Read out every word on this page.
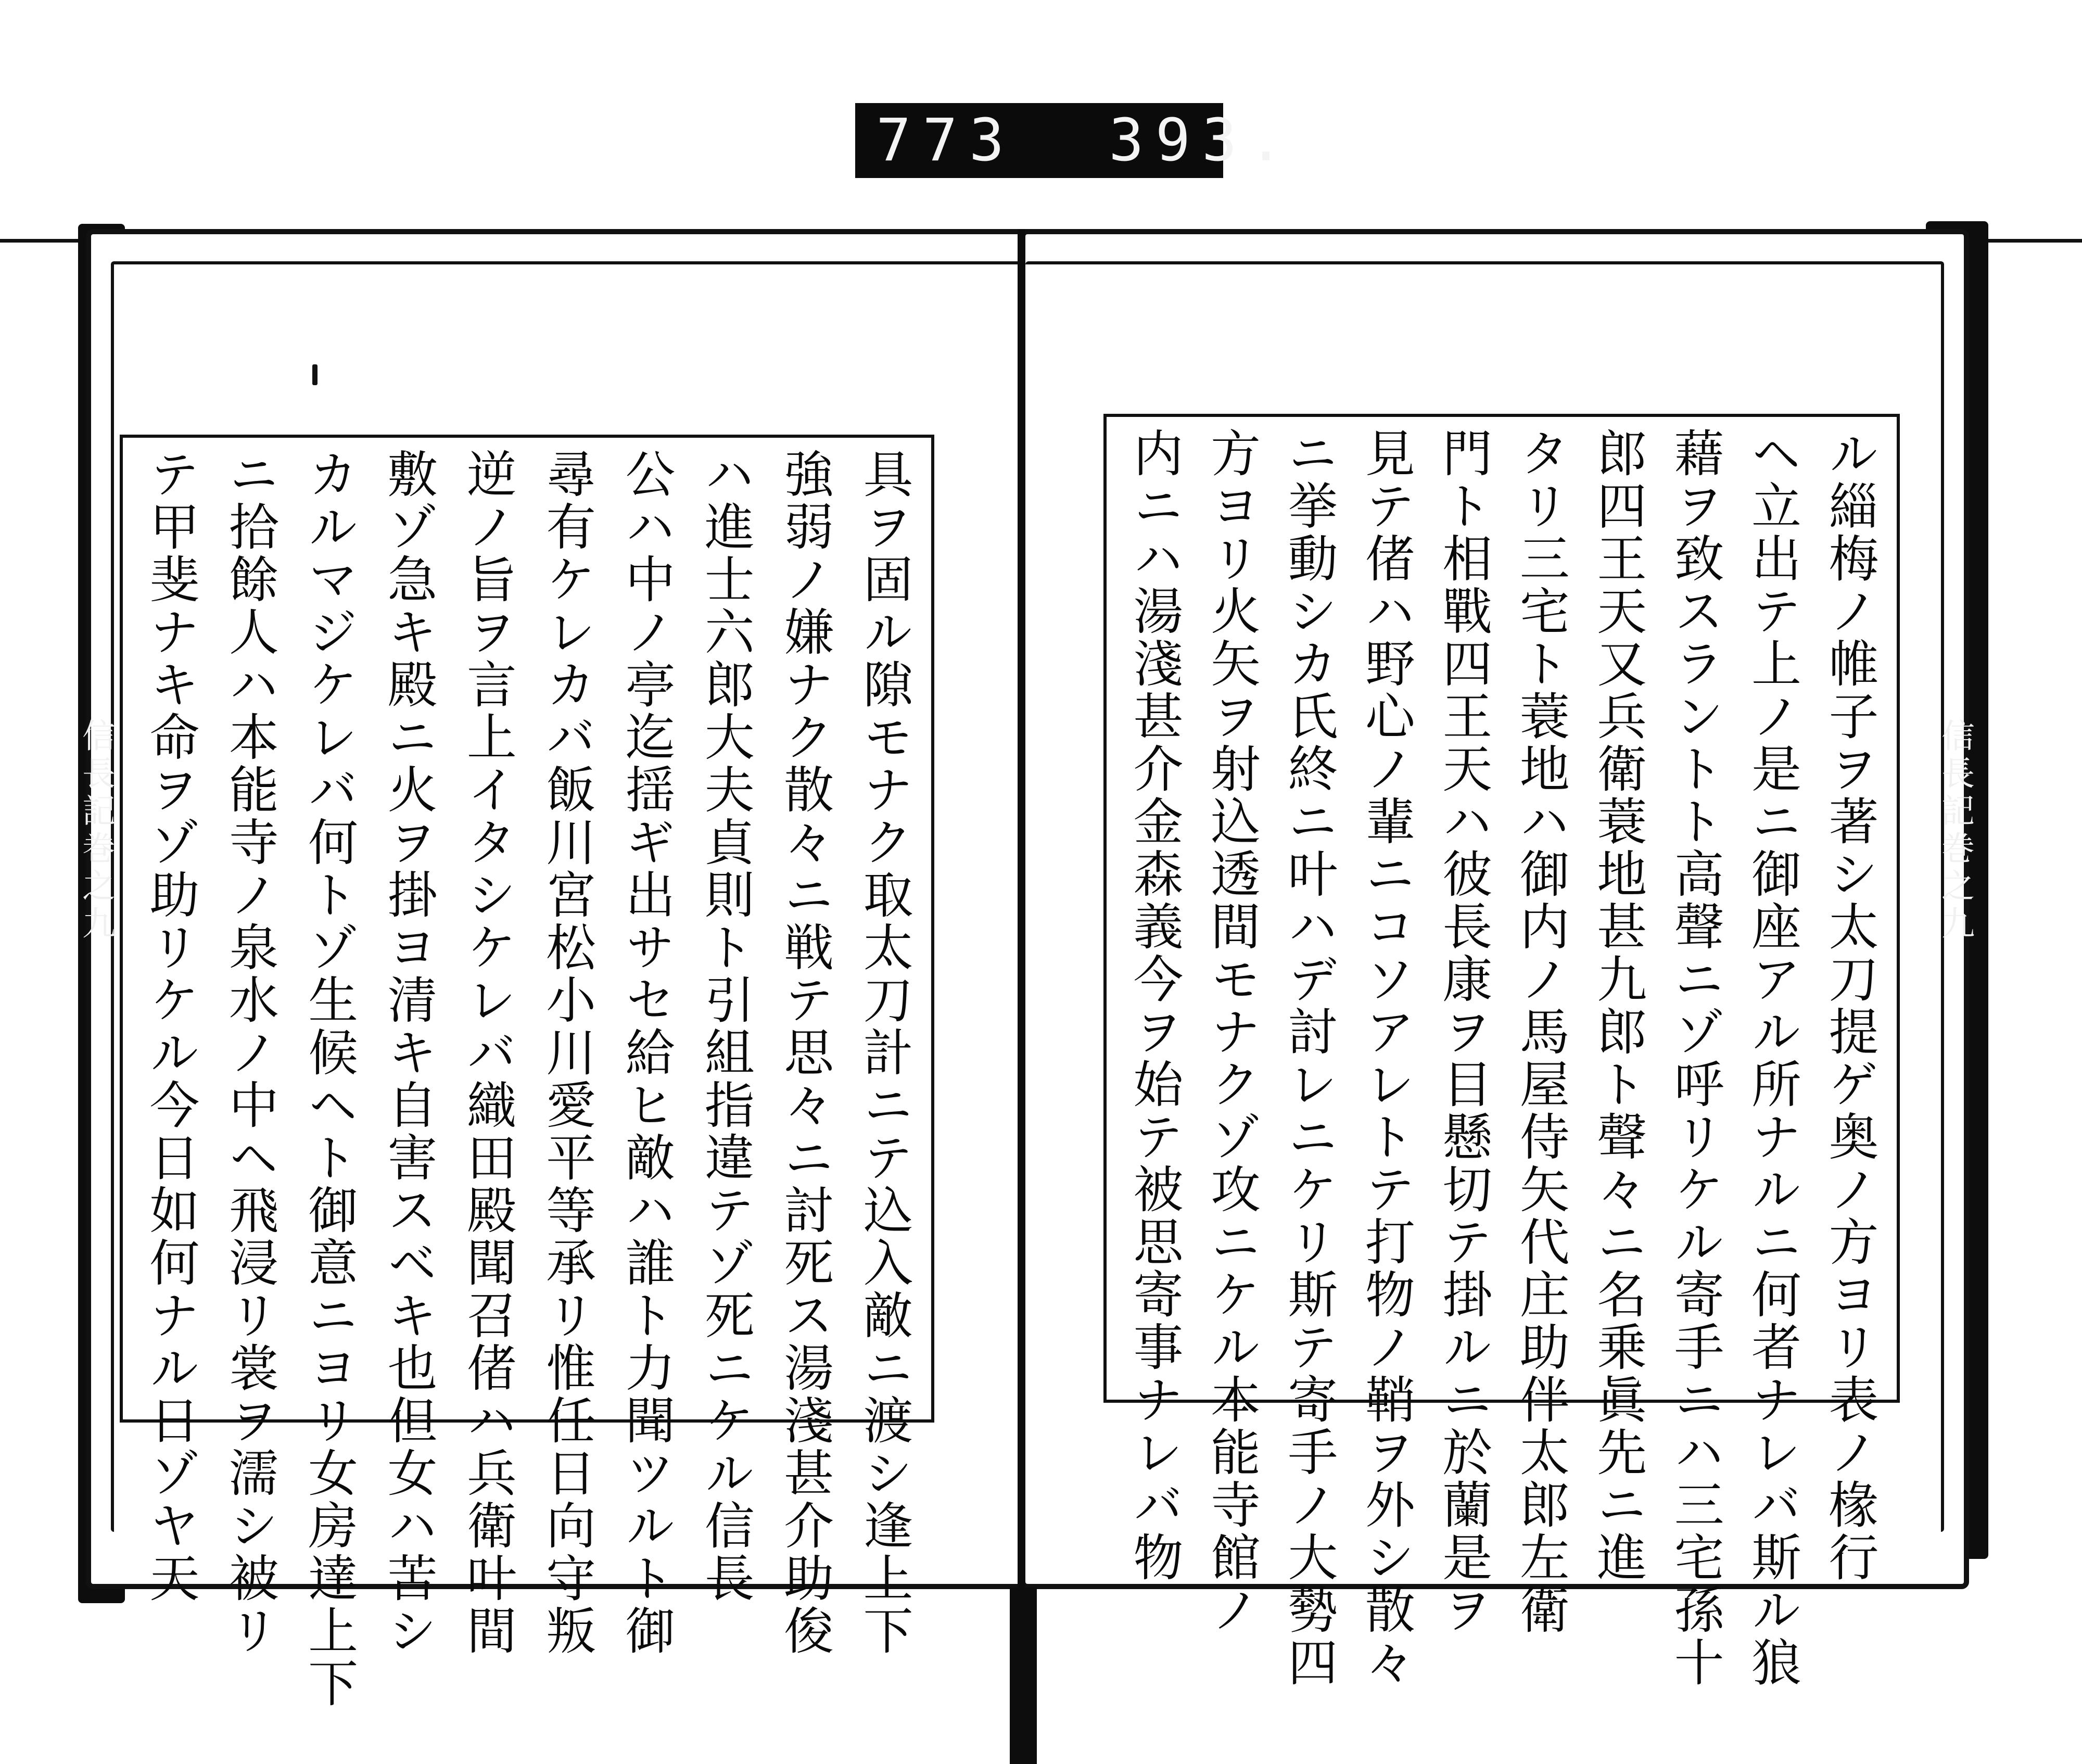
773 393.
信長記巻之九	信長記巻之九
具ヲ固ル隙モナク取太刀計ニテ込入敵ニ渡シ逢上下
強弱ノ嫌ナク散々ニ戦テ思々ニ討死ス湯淺甚介助俊
ハ進士六郎大夫貞則ト引組指違テゾ死ニケル信長
公ハ中ノ亭迄揺ギ出サセ給ヒ敵ハ誰ト力聞ツルト御
尋有ケレカバ飯川宮松小川愛平等承リ惟任日向守叛
逆ノ旨ヲ言上イタシケレバ織田殿聞召偖ハ兵衛叶間
敷ゾ急キ殿ニ火ヲ掛ヨ清キ自害スベキ也但女ハ苦シ
カルマジケレバ何トゾ生候ヘト御意ニヨリ女房達上下
ニ拾餘人ハ本能寺ノ泉水ノ中ヘ飛浸リ裳ヲ濡シ被リ
テ甲斐ナキ命ヲゾ助リケル今日如何ナル日ゾヤ天	ル緇梅ノ帷子ヲ著シ太刀提ゲ奥ノ方ヨリ表ノ椽行
ヘ立出テ上ノ是ニ御座アル所ナルニ何者ナレバ斯ル狼
藉ヲ致スラントト高聲ニゾ呼リケル寄手ニハ三宅孫十
郎四王天又兵衛蓑地甚九郎ト聲々ニ名乗眞先ニ進
タリ三宅ト蓑地ハ御内ノ馬屋侍矢代庄助伴太郎左衛
門ト相戰四王天ハ彼長康ヲ目懸切テ掛ルニ於蘭是ヲ
見テ偖ハ野心ノ輩ニコソアレトテ打物ノ鞘ヲ外シ散々
ニ挙動シカ氏終ニ叶ハデ討レニケリ斯テ寄手ノ大勢四
方ヨリ火矢ヲ射込透間モナクゾ攻ニケル本能寺館ノ
内ニハ湯淺甚介金森義今ヲ始テ被思寄事ナレバ物
